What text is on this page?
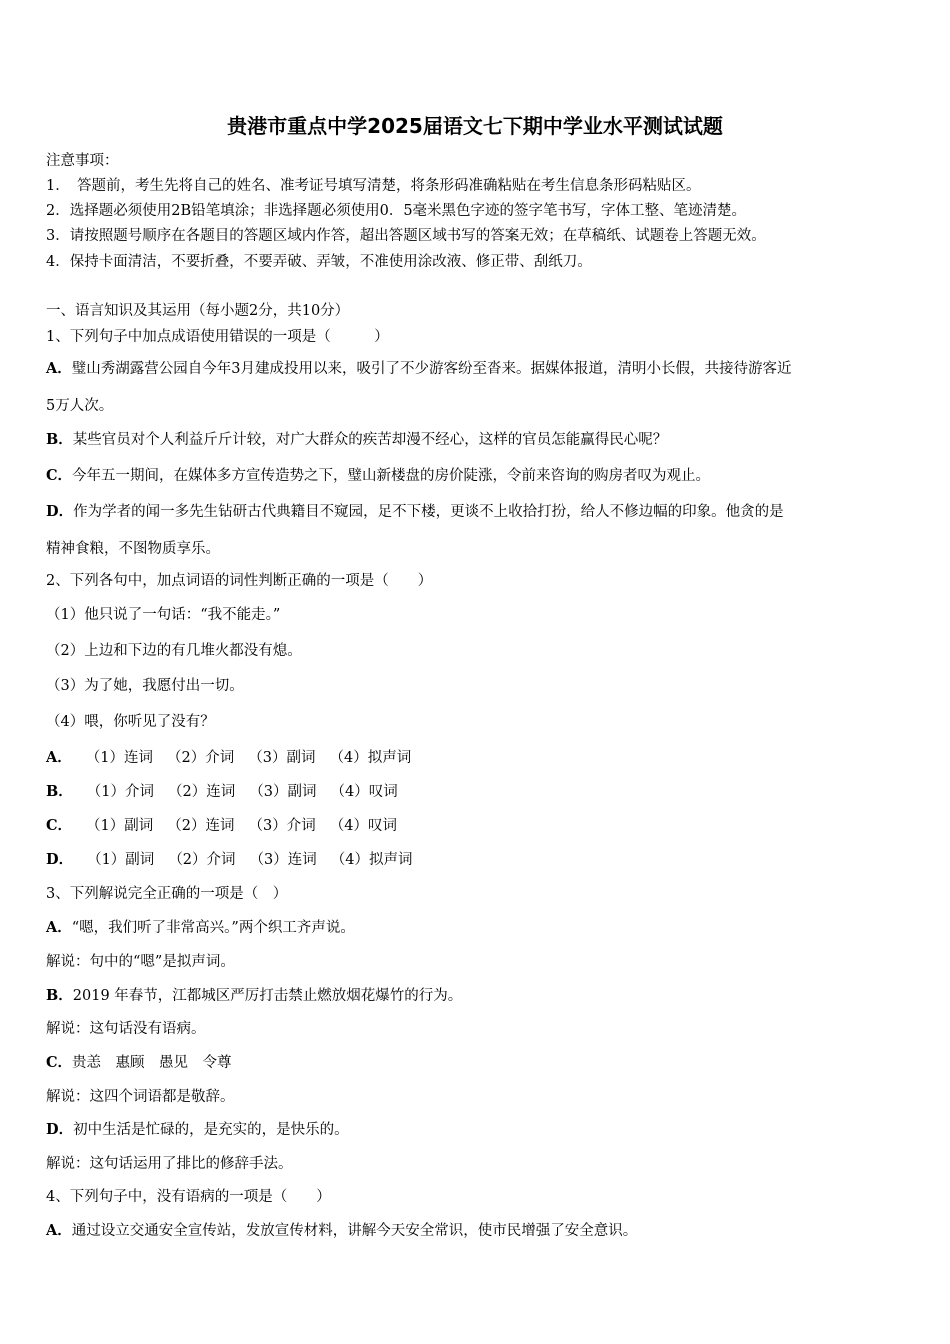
贵港市重点中学2025届语文七下期中学业水平测试试题
注意事项：
1．　答题前，考生先将自己的姓名、准考证号填写清楚，将条形码准确粘贴在考生信息条形码粘贴区。
2．选择题必须使用2B铅笔填涂；非选择题必须使用0．5毫米黑色字迹的签字笔书写，字体工整、笔迹清楚。
3．请按照题号顺序在各题目的答题区域内作答，超出答题区域书写的答案无效；在草稿纸、试题卷上答题无效。
4．保持卡面清洁，不要折叠，不要弄破、弄皱，不准使用涂改液、修正带、刮纸刀。
一、语言知识及其运用（每小题2分，共10分）
1、下列句子中加点成语使用错误的一项是（　　　）
A．璧山秀湖露营公园自今年3月建成投用以来，吸引了不少游客纷至沓来。据媒体报道，清明小长假，共接待游客近
5万人次。
B．某些官员对个人利益斤斤计较，对广大群众的疾苦却漫不经心，这样的官员怎能赢得民心呢？
C．今年五一期间，在媒体多方宣传造势之下，璧山新楼盘的房价陡涨，令前来咨询的购房者叹为观止。
D．作为学者的闻一多先生钻研古代典籍目不窥园，足不下楼，更谈不上收拾打扮，给人不修边幅的印象。他贪的是
精神食粮，不图物质享乐。
2、下列各句中，加点词语的词性判断正确的一项是（　　）
（1）他只说了一句话：“我不能走。”
（2）上边和下边的有几堆火都没有熄。
（3）为了她，我愿付出一切。
（4）喂，你听见了没有？
A． （1）连词 （2）介词 （3）副词 （4）拟声词
B． （1）介词 （2）连词 （3）副词 （4）叹词
C． （1）副词 （2）连词 （3）介词 （4）叹词
D． （1）副词 （2）介词 （3）连词 （4）拟声词
3、下列解说完全正确的一项是（　）
A．“嗯，我们听了非常高兴。”两个织工齐声说。
解说：句中的“嗯”是拟声词。
B．2019 年春节，江都城区严厉打击禁止燃放烟花爆竹的行为。
解说：这句话没有语病。
C．贵恙　惠顾　愚见　令尊
解说：这四个词语都是敬辞。
D．初中生活是忙碌的，是充实的，是快乐的。
解说：这句话运用了排比的修辞手法。
4、下列句子中，没有语病的一项是（　　）
A．通过设立交通安全宣传站，发放宣传材料，讲解今天安全常识，使市民增强了安全意识。
